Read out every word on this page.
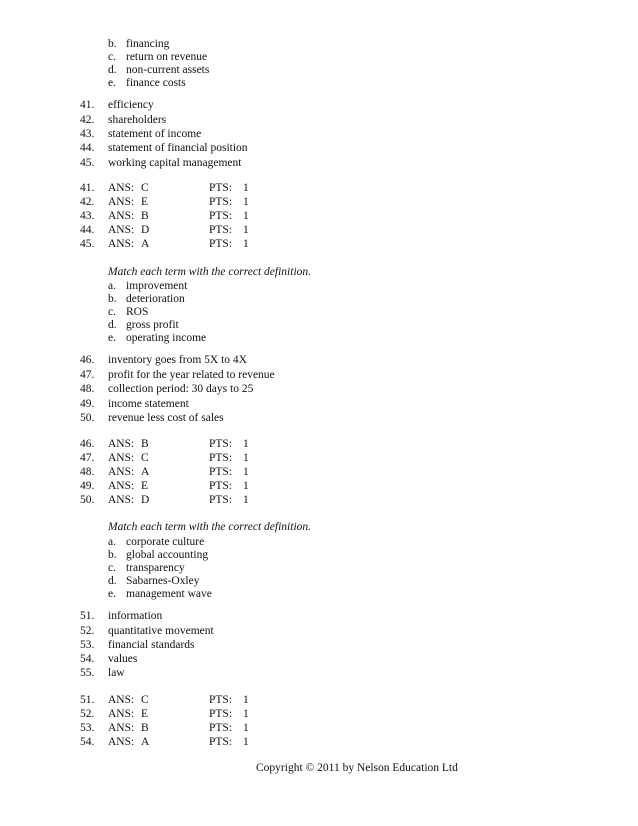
b. financing
c. return on revenue
d. non-current assets
e. finance costs
41. efficiency
42. shareholders
43. statement of income
44. statement of financial position
45. working capital management
41. ANS: C	PTS: 1
42. ANS: E	PTS: 1
43. ANS: B	PTS: 1
44. ANS: D	PTS: 1
45. ANS: A	PTS: 1
Match each term with the correct definition.
a. improvement
b. deterioration
c. ROS
d. gross profit
e. operating income
46. inventory goes from 5X to 4X
47. profit for the year related to revenue
48. collection period: 30 days to 25
49. income statement
50. revenue less cost of sales
46. ANS: B	PTS: 1
47. ANS: C	PTS: 1
48. ANS: A	PTS: 1
49. ANS: E	PTS: 1
50. ANS: D	PTS: 1
Match each term with the correct definition.
a. corporate culture
b. global accounting
c. transparency
d. Sabarnes-Oxley
e. management wave
51. information
52. quantitative movement
53. financial standards
54. values
55. law
51. ANS: C	PTS: 1
52. ANS: E	PTS: 1
53. ANS: B	PTS: 1
54. ANS: A	PTS: 1
Copyright © 2011 by Nelson Education Ltd
